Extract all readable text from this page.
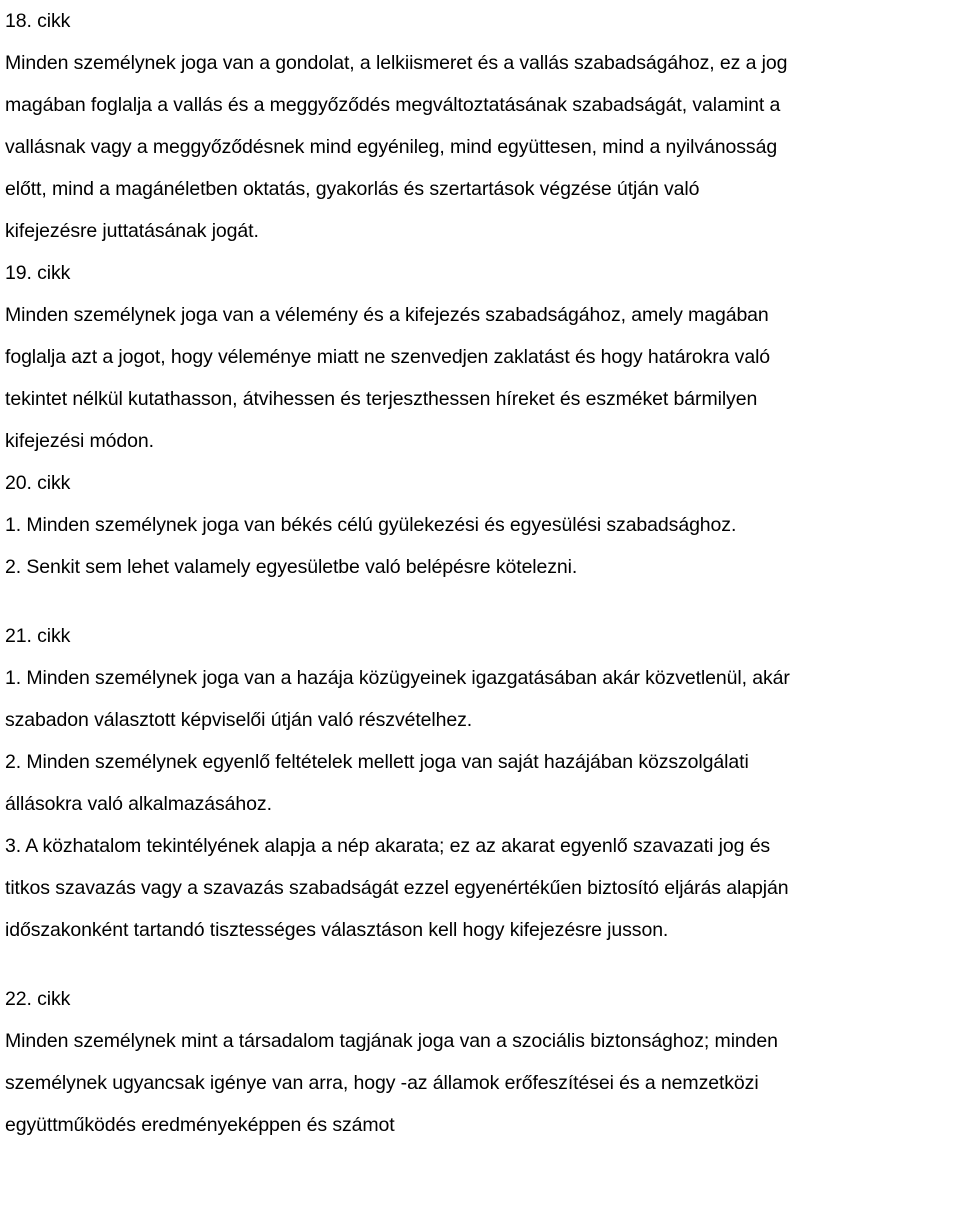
18. cikk
Minden személynek joga van a gondolat, a lelkiismeret és a vallás szabadságához, ez a jog
magában foglalja a vallás és a meggyőződés megváltoztatásának szabadságát, valamint a
vallásnak vagy a meggyőződésnek mind egyénileg, mind együttesen, mind a nyilvánosság
előtt, mind a magánéletben oktatás, gyakorlás és szertartások végzése útján való
kifejezésre juttatásának jogát.
19. cikk
Minden személynek joga van a vélemény és a kifejezés szabadságához, amely magában
foglalja azt a jogot, hogy véleménye miatt ne szenvedjen zaklatást és hogy határokra való
tekintet nélkül kutathasson, átvihessen és terjeszthessen híreket és eszméket bármilyen
kifejezési módon.
20. cikk
1. Minden személynek joga van békés célú gyülekezési és egyesülési szabadsághoz.
2. Senkit sem lehet valamely egyesületbe való belépésre kötelezni.
21. cikk
1. Minden személynek joga van a hazája közügyeinek igazgatásában akár közvetlenül, akár
szabadon választott képviselői útján való részvételhez.
2. Minden személynek egyenlő feltételek mellett joga van saját hazájában közszolgálati
állásokra való alkalmazásához.
3. A közhatalom tekintélyének alapja a nép akarata; ez az akarat egyenlő szavazati jog és
titkos szavazás vagy a szavazás szabadságát ezzel egyenértékűen biztosító eljárás alapján
időszakonként tartandó tisztességes választáson kell hogy kifejezésre jusson.
22. cikk
Minden személynek mint a társadalom tagjának joga van a szociális biztonsághoz; minden
személynek ugyancsak igénye van arra, hogy -az államok erőfeszítései és a nemzetközi
együttműködés eredményeképpen és számot
